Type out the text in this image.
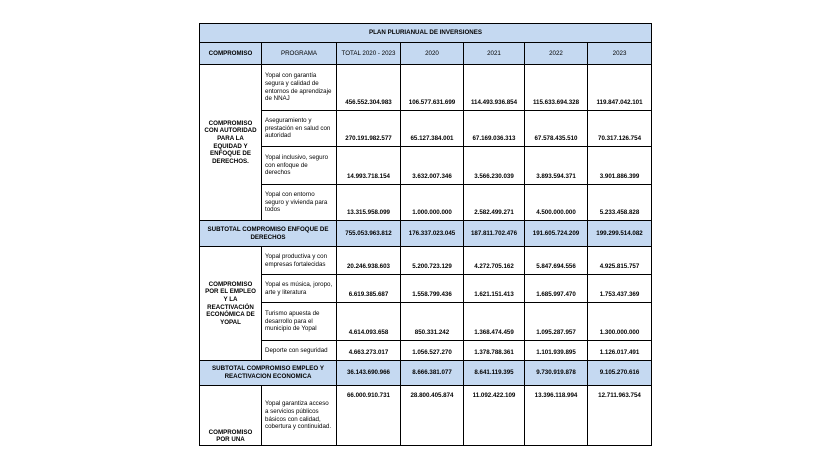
PLAN PLURIANUAL DE INVERSIONES						
COMPROMISO	PROGRAMA	TOTAL 2020 - 2023	2020	2021	2022	2023
COMPROMISO CON AUTORIDAD PARA LA EQUIDAD Y ENFOQUE DE DERECHOS.	Yopal con garantía segura y calidad de entornos de aprendizaje de NNAJ	456.552.304.983	106.577.631.699	114.493.936.854	115.633.694.328	119.847.042.101
	Aseguramiento y prestación en salud con autoridad	270.191.982.577	65.127.384.001	67.169.036.313	67.578.435.510	70.317.126.754
	Yopal inclusivo, seguro con enfoque de derechos	14.993.718.154	3.632.007.346	3.566.230.039	3.893.594.371	3.901.886.399
	Yopal con entorno seguro y vivienda para todos	13.315.958.099	1.000.000.000	2.582.499.271	4.500.000.000	5.233.458.828
SUBTOTAL COMPROMISO ENFOQUE DE DERECHOS		755.053.963.812	176.337.023.045	187.811.702.476	191.605.724.209	199.299.514.082
COMPROMISO POR EL EMPLEO Y LA REACTIVACIÓN ECONÓMICA DE YOPAL	Yopal productiva y con empresas fortalecidas	20.246.938.603	5.200.723.129	4.272.705.162	5.847.694.556	4.925.815.757
	Yopal es música, joropo, arte y literatura	6.619.385.687	1.558.799.436	1.621.151.413	1.685.997.470	1.753.437.369
	Turismo apuesta de desarrollo para el municipio de Yopal	4.614.093.658	850.331.242	1.368.474.459	1.095.287.957	1.300.000.000
	Deporte con seguridad	4.663.273.017	1.056.527.270	1.378.788.361	1.101.939.895	1.126.017.491
SUBTOTAL COMPROMISO EMPLEO Y REACTIVACION ECONOMICA		36.143.690.966	8.666.381.077	8.641.119.395	9.730.919.878	9.105.270.616
COMPROMISO POR UNA	Yopal garantiza acceso a servicios públicos básicos con calidad, cobertura y continuidad.	66.000.910.731	28.800.405.874	11.092.422.109	13.396.118.994	12.711.963.754
